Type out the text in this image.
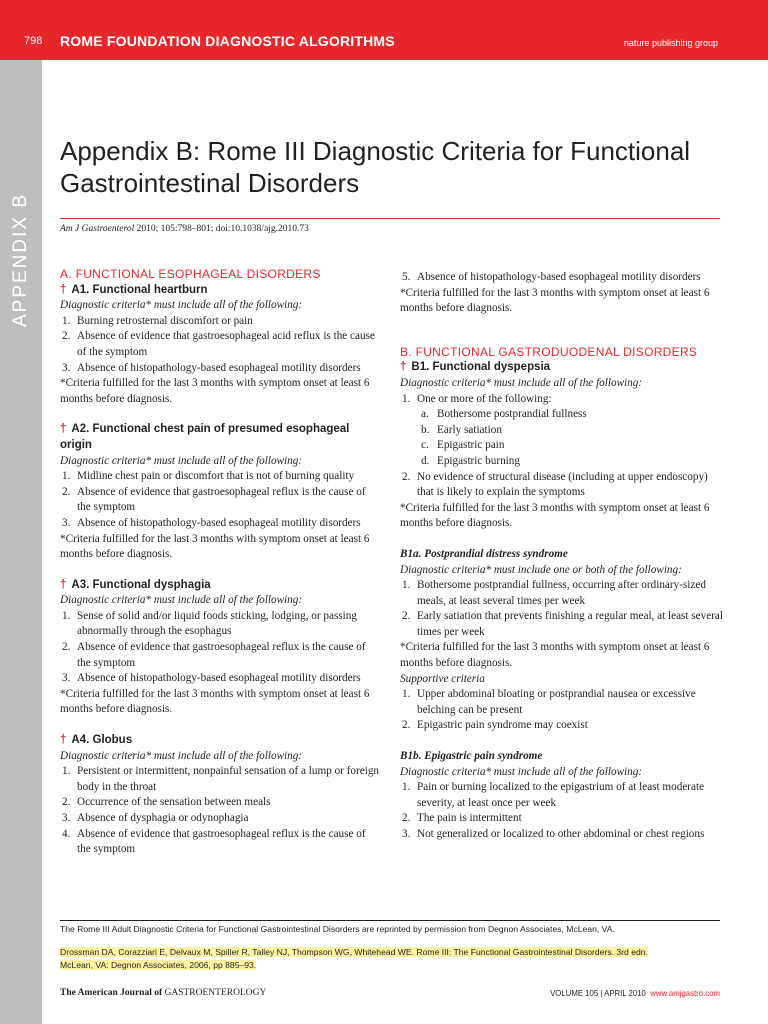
798 ROME FOUNDATION DIAGNOSTIC ALGORITHMS	nature publishing group
APPENDIX B
Appendix B: Rome III Diagnostic Criteria for Functional Gastrointestinal Disorders
Am J Gastroenterol 2010; 105:798–801; doi:10.1038/ajg.2010.73

A. FUNCTIONAL ESOPHAGEAL DISORDERS

† A1. Functional heartburn

Diagnostic criteria* must include all of the following:

1. Burning retrosternal discomfort or pain
2. Absence of evidence that gastroesophageal acid reflux is the cause of the symptom
3. Absence of histopathology-based esophageal motility disorders

*Criteria fulfilled for the last 3 months with symptom onset at least 6 months before diagnosis.

† A2. Functional chest pain of presumed esophageal origin

Diagnostic criteria* must include all of the following:

1. Midline chest pain or discomfort that is not of burning quality
2. Absence of evidence that gastroesophageal reflux is the cause of the symptom
3. Absence of histopathology-based esophageal motility disorders

*Criteria fulfilled for the last 3 months with symptom onset at least 6 months before diagnosis.

† A3. Functional dysphagia

Diagnostic criteria* must include all of the following:

1. Sense of solid and/or liquid foods sticking, lodging, or passing abnormally through the esophagus
2. Absence of evidence that gastroesophageal reflux is the cause of the symptom
3. Absence of histopathology-based esophageal motility disorders

*Criteria fulfilled for the last 3 months with symptom onset at least 6 months before diagnosis.

† A4. Globus

Diagnostic criteria* must include all of the following:

1. Persistent or intermittent, nonpainful sensation of a lump or foreign body in the throat
2. Occurrence of the sensation between meals
3. Absence of dysphagia or odynophagia
4. Absence of evidence that gastroesophageal reflux is the cause of the symptom
5. Absence of histopathology-based esophageal motility disorders

*Criteria fulfilled for the last 3 months with symptom onset at least 6 months before diagnosis.

B. FUNCTIONAL GASTRODUODENAL DISORDERS

† B1. Functional dyspepsia

Diagnostic criteria* must include all of the following:

1. One or more of the following:
a. Bothersome postprandial fullness
b. Early satiation
c. Epigastric pain
d. Epigastric burning
2. No evidence of structural disease (including at upper endoscopy) that is likely to explain the symptoms

*Criteria fulfilled for the last 3 months with symptom onset at least 6 months before diagnosis.

B1a. Postprandial distress syndrome

Diagnostic criteria* must include one or both of the following:

1. Bothersome postprandial fullness, occurring after ordinary-sized meals, at least several times per week
2. Early satiation that prevents finishing a regular meal, at least several times per week

*Criteria fulfilled for the last 3 months with symptom onset at least 6 months before diagnosis.

Supportive criteria

1. Upper abdominal bloating or postprandial nausea or excessive belching can be present
2. Epigastric pain syndrome may coexist

B1b. Epigastric pain syndrome

Diagnostic criteria* must include all of the following:

1. Pain or burning localized to the epigastrium of at least moderate severity, at least once per week
2. The pain is intermittent
3. Not generalized or localized to other abdominal or chest regions
The Rome III Adult Diagnostic Criteria for Functional Gastrointestinal Disorders are reprinted by permission from Degnon Associates, McLean, VA.
Drossman DA, Corazziari E, Delvaux M, Spiller R, Talley NJ, Thompson WG, Whitehead WE. Rome III: The Functional Gastrointestinal Disorders. 3rd edn.
McLean, VA: Degnon Associates, 2006, pp 885–93.
The American Journal of GASTROENTEROLOGY	VOLUME 105 | APRIL 2010 www.amjgastro.com
